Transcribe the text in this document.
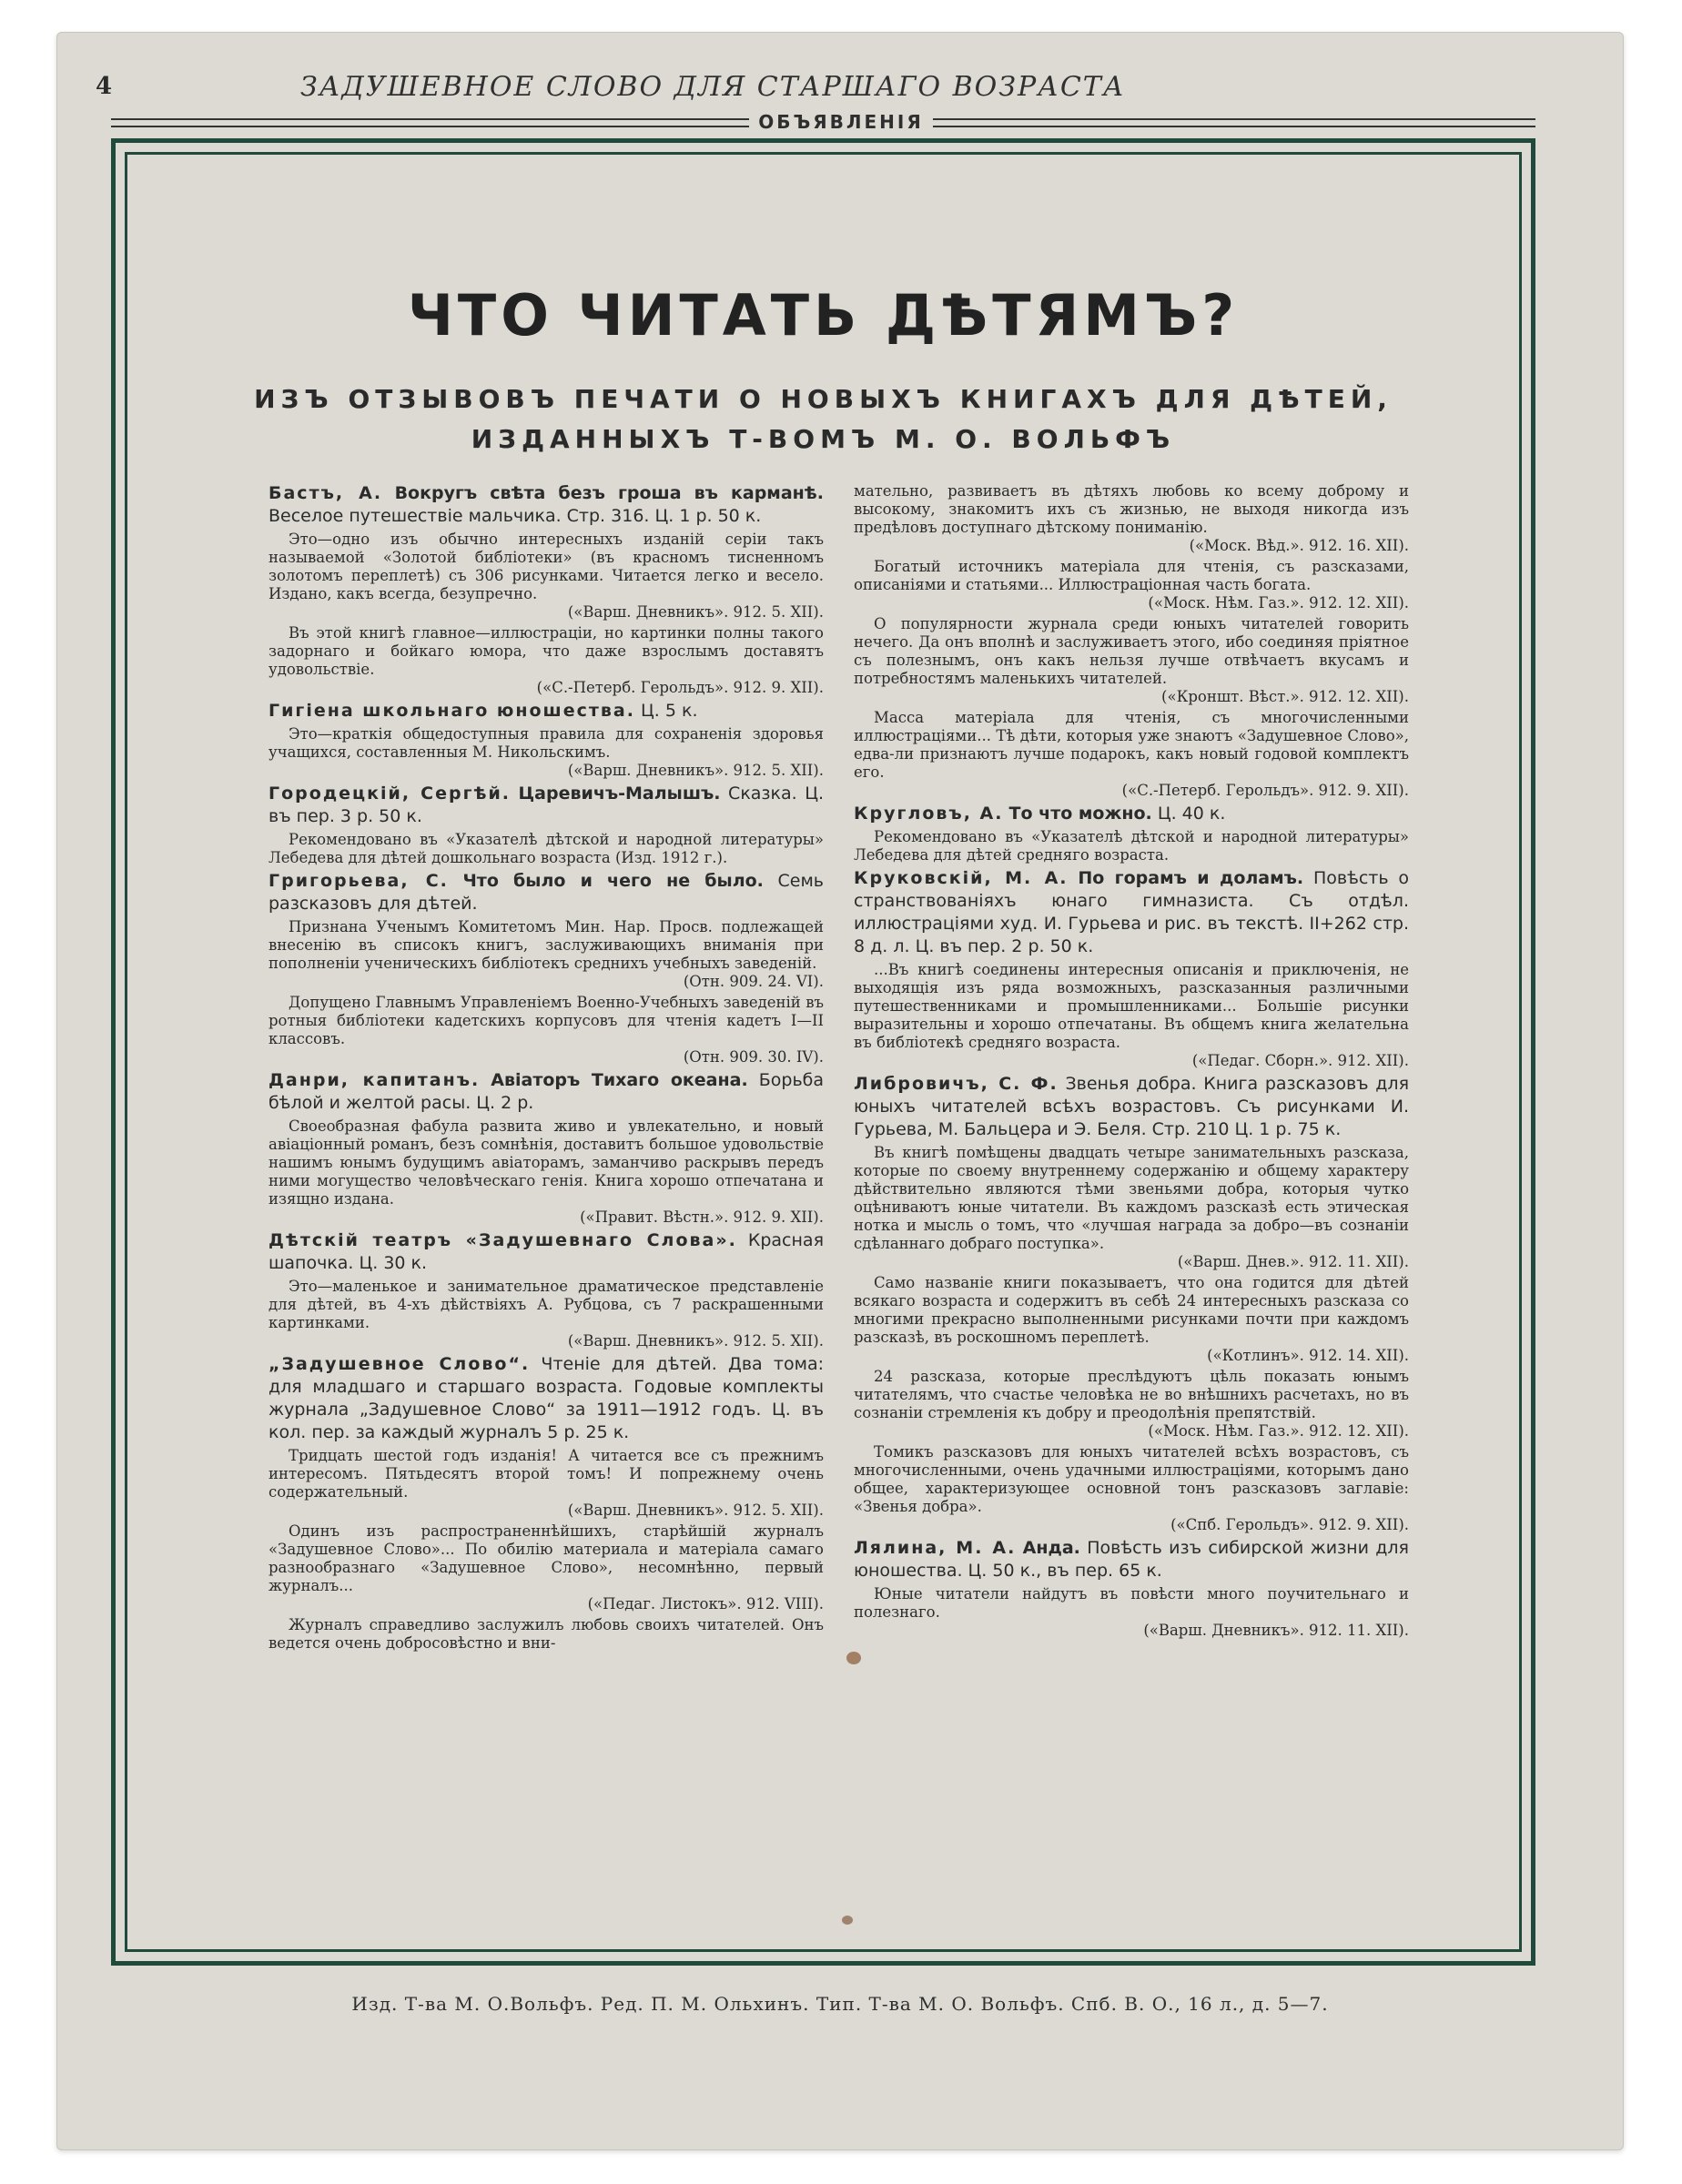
4	ЗАДУШЕВНОЕ СЛОВО ДЛЯ СТАРШАГО ВОЗРАСТА
ОБЪЯВЛЕНІЯ
ЧТО ЧИТАТЬ ДѢТЯМЪ?
ИЗЪ ОТЗЫВОВЪ ПЕЧАТИ О НОВЫХЪ КНИГАХЪ ДЛЯ ДѢТЕЙ,
ИЗДАННЫХЪ Т-ВОМЪ М. О. ВОЛЬФЪ

Бастъ, А. Вокругъ свѣта безъ гроша въ карманѣ. Веселое путешествіе мальчика. Стр. 316. Ц. 1 р. 50 к.

Это—одно изъ обычно интересныхъ изданій серіи такъ называемой «Золотой библіотеки» (въ красномъ тисненномъ золотомъ переплетѣ) съ 306 рисунками. Читается легко и весело. Издано, какъ всегда, безупречно.
(«Варш. Дневникъ». 912. 5. XII).

Въ этой книгѣ главное—иллюстраціи, но картинки полны такого задорнаго и бойкаго юмора, что даже взрослымъ доставятъ удовольствіе.
(«С.-Петерб. Герольдъ». 912. 9. XII).

Гигіена школьнаго юношества. Ц. 5 к.

Это—краткія общедоступныя правила для сохраненія здоровья учащихся, составленныя М. Никольскимъ.
(«Варш. Дневникъ». 912. 5. XII).

Городецкій, Сергѣй. Царевичъ-Малышъ. Сказка. Ц. въ пер. 3 р. 50 к.

Рекомендовано въ «Указателѣ дѣтской и народной литературы» Лебедева для дѣтей дошкольнаго возраста (Изд. 1912 г.).

Григорьева, С. Что было и чего не было. Семь разсказовъ для дѣтей.

Признана Ученымъ Комитетомъ Мин. Нар. Просв. подлежащей внесенію въ списокъ книгъ, заслуживающихъ вниманія при пополненіи ученическихъ библіотекъ среднихъ учебныхъ заведеній.
(Отн. 909. 24. VI).

Допущено Главнымъ Управленіемъ Военно-Учебныхъ заведеній въ ротныя библіотеки кадетскихъ корпусовъ для чтенія кадетъ I—II классовъ.
(Отн. 909. 30. IV).

Данри, капитанъ. Авіаторъ Тихаго океана. Борьба бѣлой и желтой расы. Ц. 2 р.

Своеобразная фабула развита живо и увлекательно, и новый авіаціонный романъ, безъ сомнѣнія, доставитъ большое удовольствіе нашимъ юнымъ будущимъ авіаторамъ, заманчиво раскрывъ передъ ними могущество человѣческаго генія. Книга хорошо отпечатана и изящно издана.
(«Правит. Вѣстн.». 912. 9. XII).

Дѣтскій театръ «Задушевнаго Слова». Красная шапочка. Ц. 30 к.

Это—маленькое и занимательное драматическое представленіе для дѣтей, въ 4-хъ дѣйствіяхъ А. Рубцова, съ 7 раскрашенными картинками.
(«Варш. Дневникъ». 912. 5. XII).

„Задушевное Слово“. Чтеніе для дѣтей. Два тома: для младшаго и старшаго возраста. Годовые комплекты журнала „Задушевное Слово“ за 1911—1912 годъ. Ц. въ кол. пер. за каждый журналъ 5 р. 25 к.

Тридцать шестой годъ изданія! А читается все съ прежнимъ интересомъ. Пятьдесятъ второй томъ! И попрежнему очень содержательный.
(«Варш. Дневникъ». 912. 5. XII).

Одинъ изъ распространеннѣйшихъ, старѣйшій журналъ «Задушевное Слово»... По обилію материала и матеріала самаго разнообразнаго «Задушевное Слово», несомнѣнно, первый журналъ...
(«Педаг. Листокъ». 912. VIII).

Журналъ справедливо заслужилъ любовь своихъ читателей. Онъ ведется очень добросовѣстно и вни-

мательно, развиваетъ въ дѣтяхъ любовь ко всему доброму и высокому, знакомитъ ихъ съ жизнью, не выходя никогда изъ предѣловъ доступнаго дѣтскому пониманію.
(«Моск. Вѣд.». 912. 16. XII).

Богатый источникъ матеріала для чтенія, съ разсказами, описаніями и статьями... Иллюстраціонная часть богата.
(«Моск. Нѣм. Газ.». 912. 12. XII).

О популярности журнала среди юныхъ читателей говорить нечего. Да онъ вполнѣ и заслуживаетъ этого, ибо соединяя пріятное съ полезнымъ, онъ какъ нельзя лучше отвѣчаетъ вкусамъ и потребностямъ маленькихъ читателей.
(«Кроншт. Вѣст.». 912. 12. XII).

Масса матеріала для чтенія, съ многочисленными иллюстраціями... Тѣ дѣти, которыя уже знаютъ «Задушевное Слово», едва-ли признаютъ лучше подарокъ, какъ новый годовой комплектъ его.
(«С.-Петерб. Герольдъ». 912. 9. XII).

Кругловъ, А. То что можно. Ц. 40 к.

Рекомендовано въ «Указателѣ дѣтской и народной литературы» Лебедева для дѣтей средняго возраста.

Круковскій, М. А. По горамъ и доламъ. Повѣсть о странствованіяхъ юнаго гимназиста. Съ отдѣл. иллюстраціями худ. И. Гурьева и рис. въ текстѣ. II+262 стр. 8 д. л. Ц. въ пер. 2 р. 50 к.

...Въ книгѣ соединены интересныя описанія и приключенія, не выходящія изъ ряда возможныхъ, разсказанныя различными путешественниками и промышленниками... Большіе рисунки выразительны и хорошо отпечатаны. Въ общемъ книга желательна въ библіотекѣ средняго возраста.
(«Педаг. Сборн.». 912. XII).

Либровичъ, С. Ф. Звенья добра. Книга разсказовъ для юныхъ читателей всѣхъ возрастовъ. Съ рисунками И. Гурьева, М. Бальцера и Э. Беля. Стр. 210 Ц. 1 р. 75 к.

Въ книгѣ помѣщены двадцать четыре занимательныхъ разсказа, которые по своему внутреннему содержанію и общему характеру дѣйствительно являются тѣми звеньями добра, которыя чутко оцѣниваютъ юные читатели. Въ каждомъ разсказѣ есть этическая нотка и мысль о томъ, что «лучшая награда за добро—въ сознаніи сдѣланнаго добраго поступка».
(«Варш. Днев.». 912. 11. XII).

Само названіе книги показываетъ, что она годится для дѣтей всякаго возраста и содержитъ въ себѣ 24 интересныхъ разсказа со многими прекрасно выполненными рисунками почти при каждомъ разсказѣ, въ роскошномъ переплетѣ.
(«Котлинъ». 912. 14. XII).

24 разсказа, которые преслѣдуютъ цѣль показать юнымъ читателямъ, что счастье человѣка не во внѣшнихъ расчетахъ, но въ сознаніи стремленія къ добру и преодолѣнія препятствій.
(«Моск. Нѣм. Газ.». 912. 12. XII).

Томикъ разсказовъ для юныхъ читателей всѣхъ возрастовъ, съ многочисленными, очень удачными иллюстраціями, которымъ дано общее, характеризующее основной тонъ разсказовъ заглавіе: «Звенья добра».
(«Спб. Герольдъ». 912. 9. XII).

Лялина, М. А. Анда. Повѣсть изъ сибирской жизни для юношества. Ц. 50 к., въ пер. 65 к.

Юные читатели найдутъ въ повѣсти много поучительнаго и полезнаго.
(«Варш. Дневникъ». 912. 11. XII).

Изд. Т-ва М. О.Вольфъ. Ред. П. М. Ольхинъ. Тип. Т-ва М. О. Вольфъ. Спб. В. О., 16 л., д. 5—7.
